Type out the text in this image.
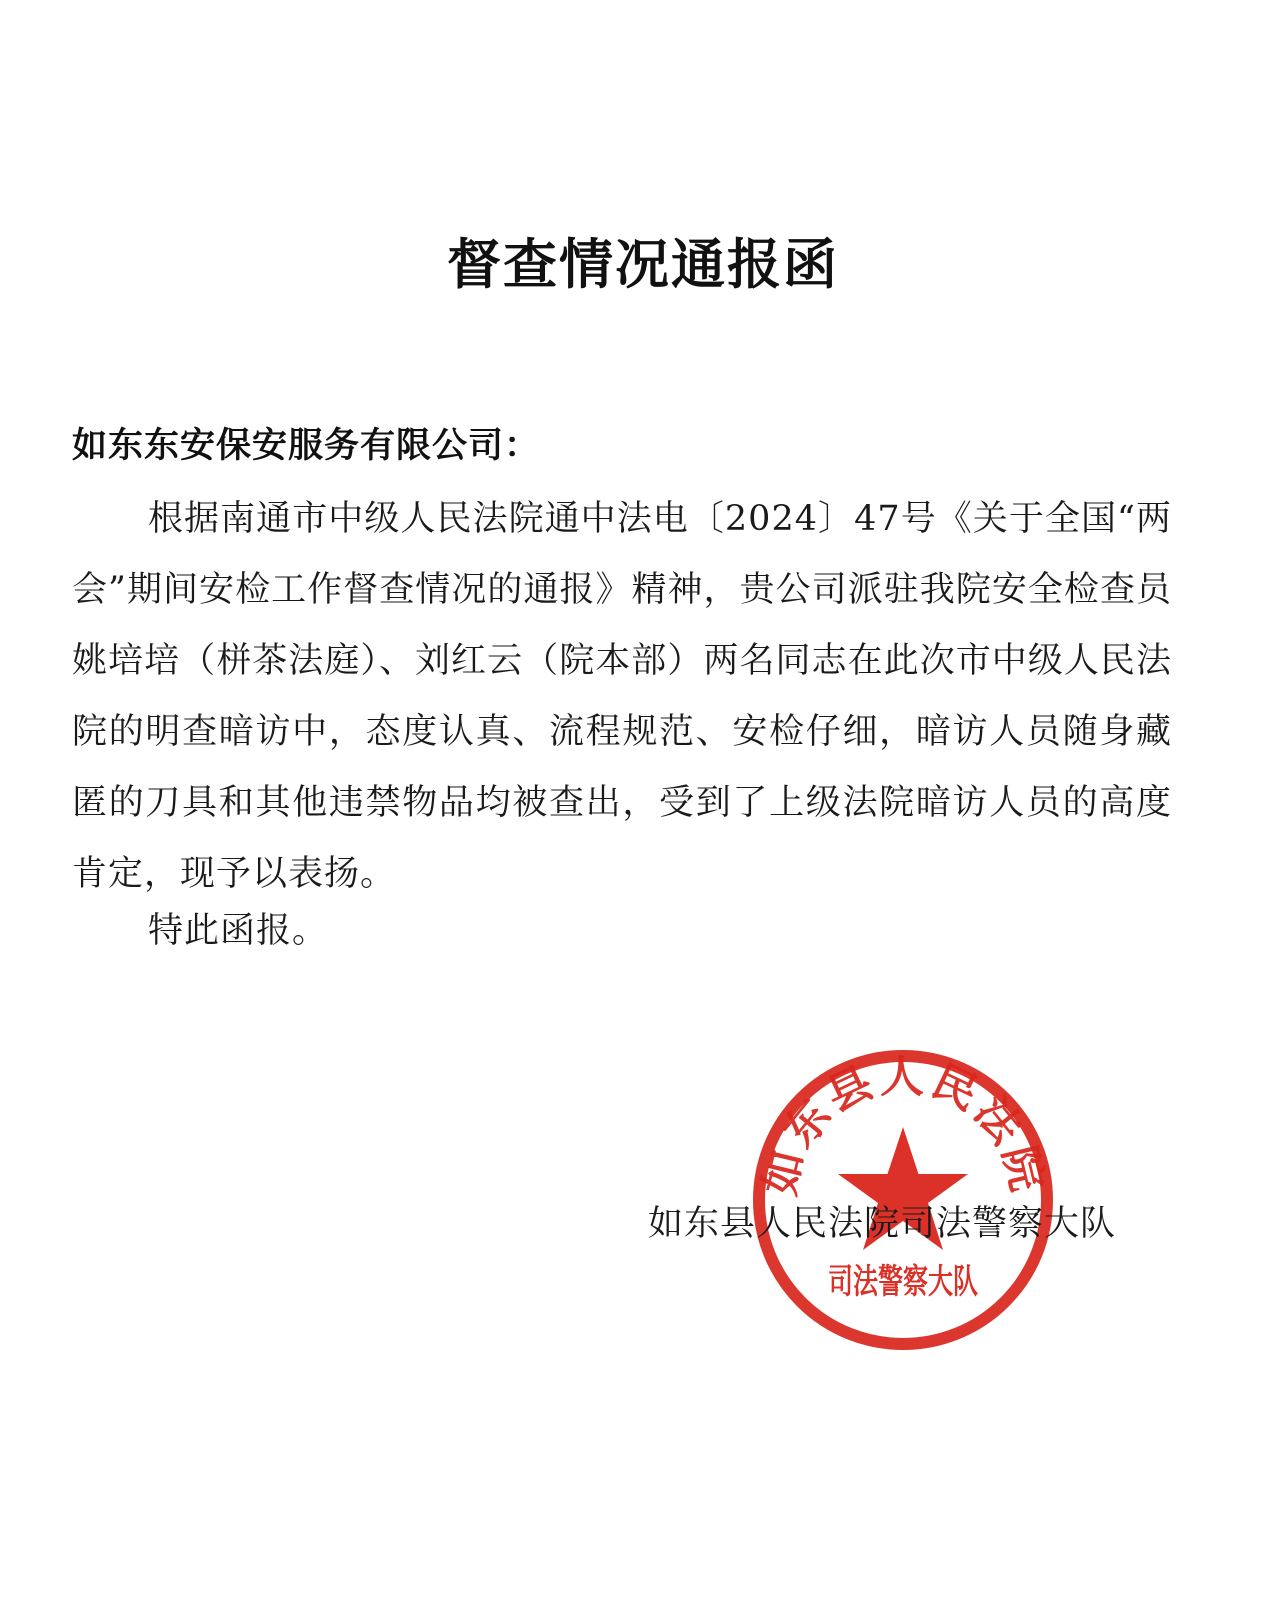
督查情况通报函
如东东安保安服务有限公司：
根据南通市中级人民法院通中法电〔2024〕47号《关于全国“两会”期间安检工作督查情况的通报》精神，贵公司派驻我院安全检查员姚培培（栟茶法庭）、刘红云（院本部）两名同志在此次市中级人民法院的明查暗访中，态度认真、流程规范、安检仔细，暗访人员随身藏匿的刀具和其他违禁物品均被查出，受到了上级法院暗访人员的高度肯定，现予以表扬。
特此函报。
如东县人民法院
司法警察大队
如东县人民法院司法警察大队
